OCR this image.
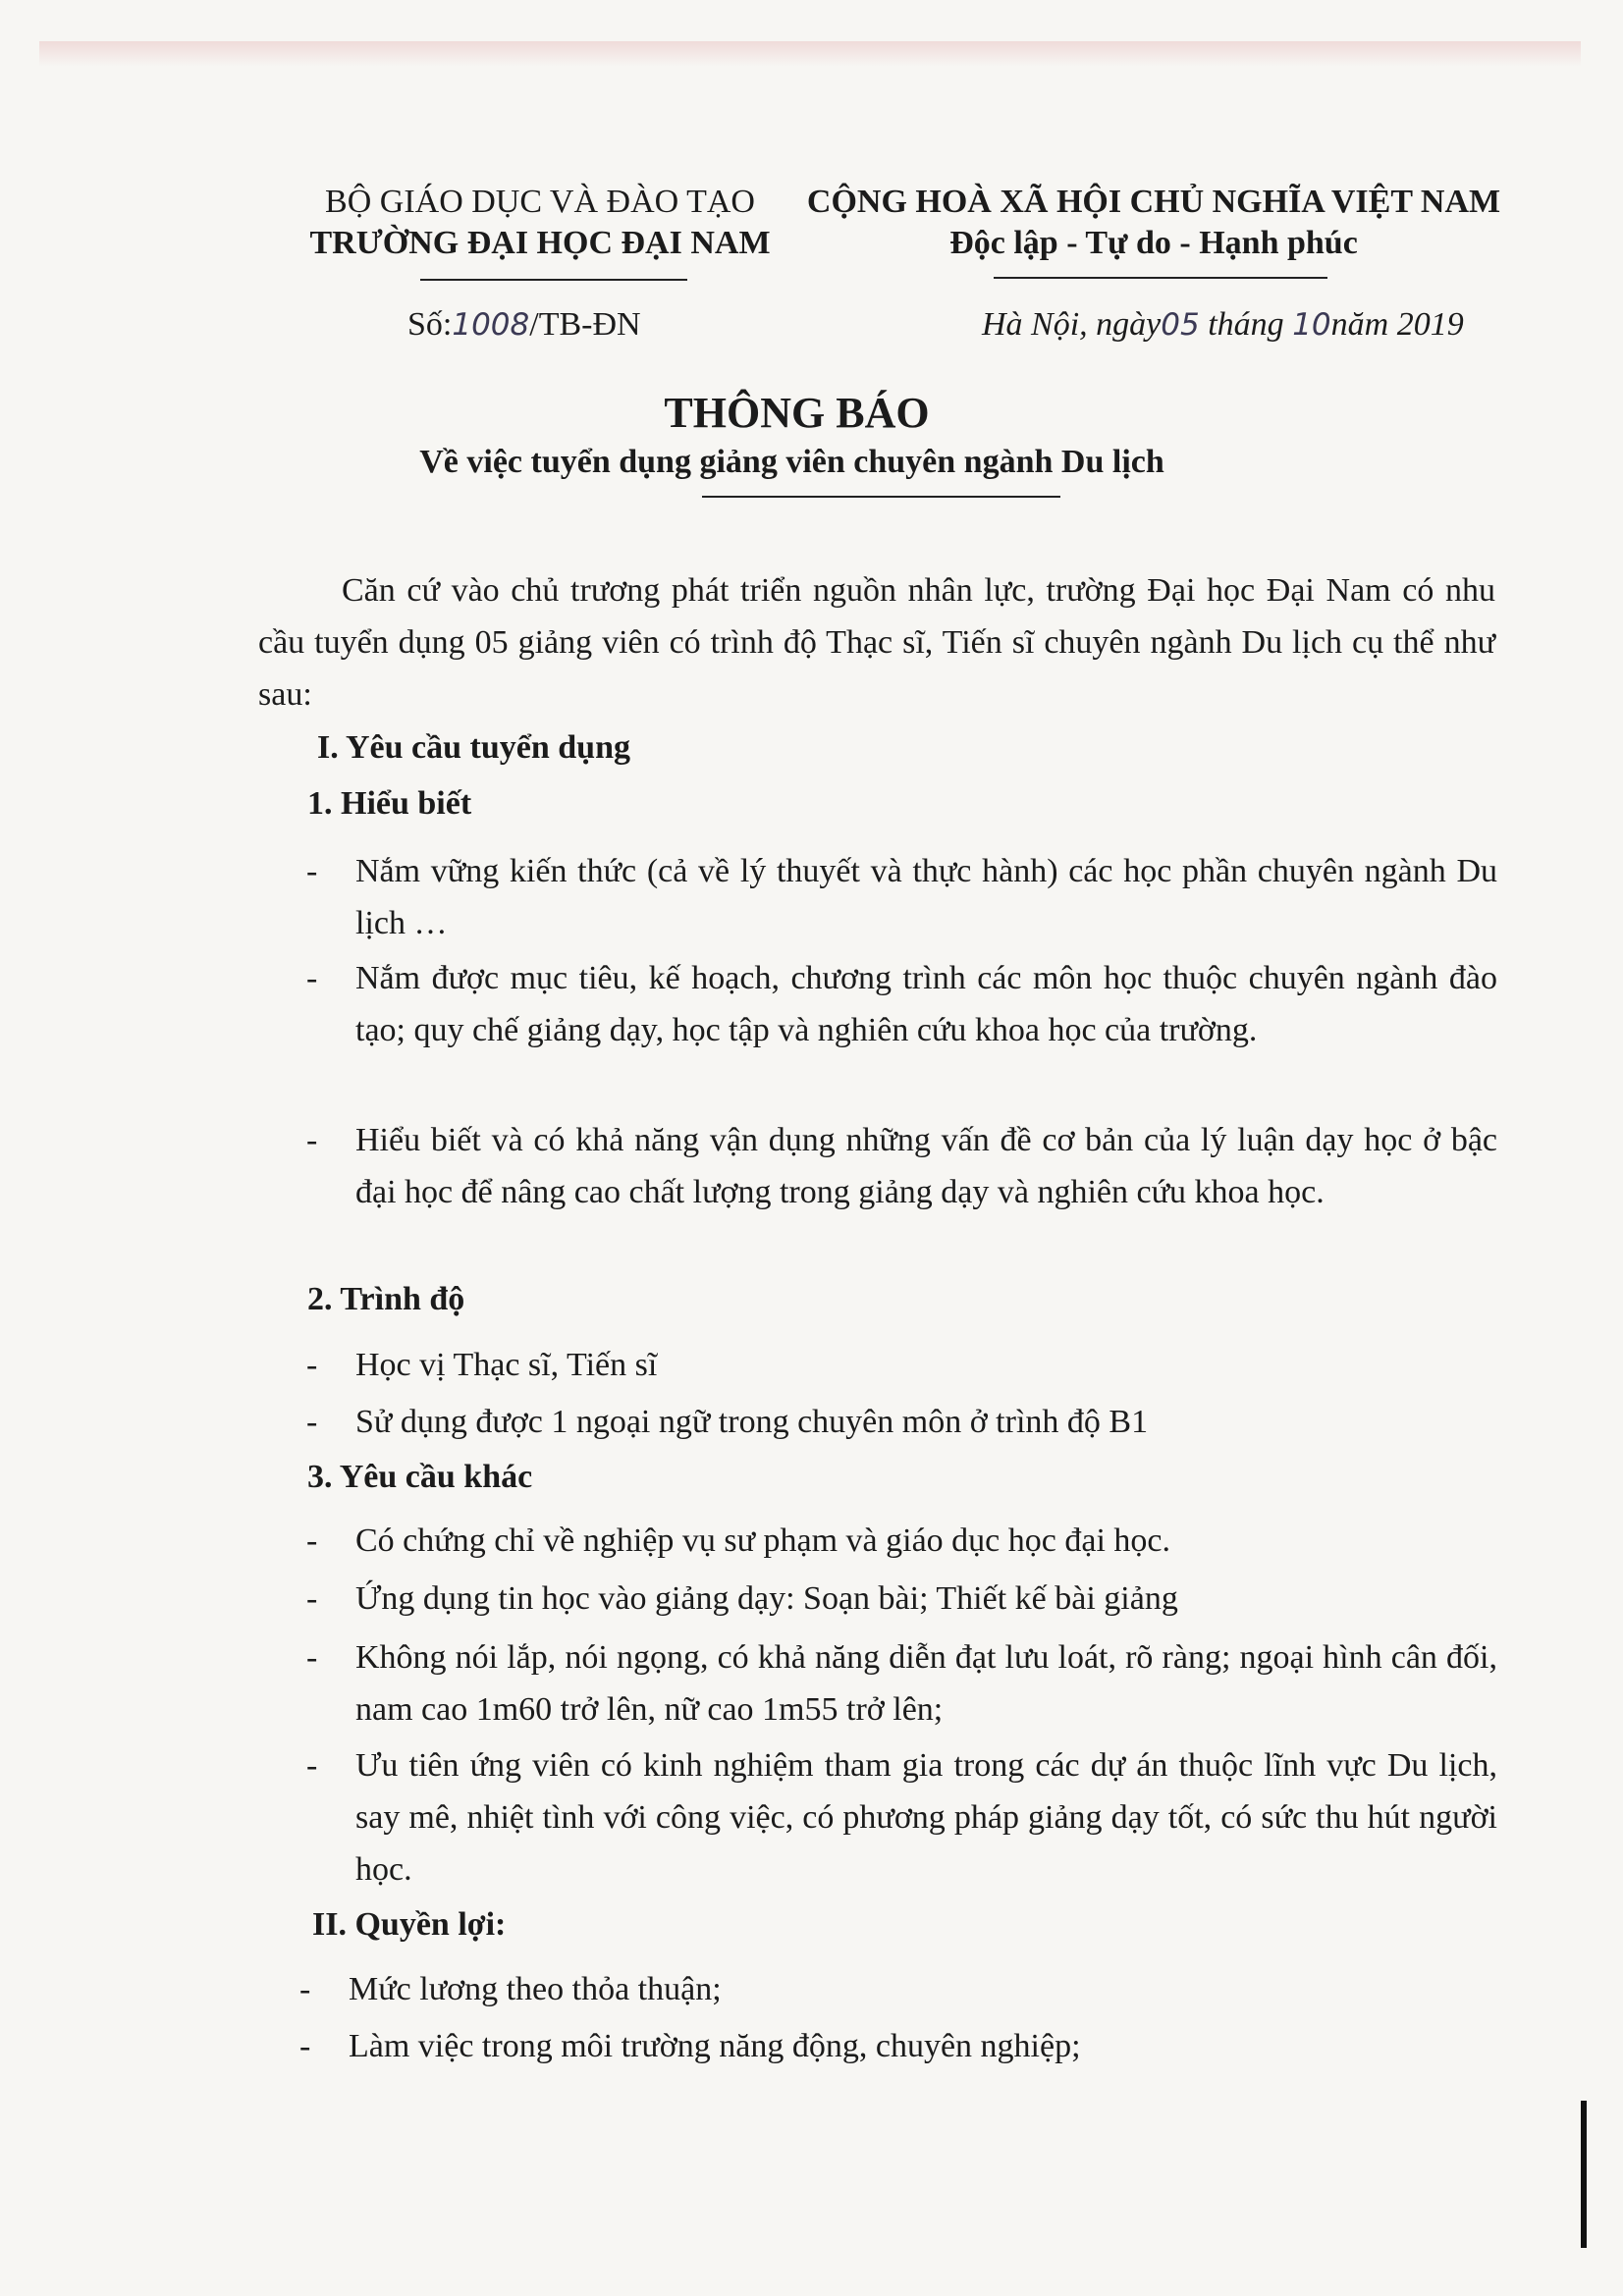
BỘ GIÁO DỤC VÀ ĐÀO TẠO
TRƯỜNG ĐẠI HỌC ĐẠI NAM
CỘNG HOÀ XÃ HỘI CHỦ NGHĨA VIỆT NAM
Độc lập - Tự do - Hạnh phúc
Số:1008/TB-ĐN	Hà Nội, ngày05 tháng 10năm 2019
THÔNG BÁO
Về việc tuyển dụng giảng viên chuyên ngành Du lịch
Căn cứ vào chủ trương phát triển nguồn nhân lực, trường Đại học Đại Nam có nhu cầu tuyển dụng 05 giảng viên có trình độ Thạc sĩ, Tiến sĩ chuyên ngành Du lịch cụ thể như sau:
I. Yêu cầu tuyển dụng
1. Hiểu biết
- Nắm vững kiến thức (cả về lý thuyết và thực hành) các học phần chuyên ngành Du lịch …
- Nắm được mục tiêu, kế hoạch, chương trình các môn học thuộc chuyên ngành đào tạo; quy chế giảng dạy, học tập và nghiên cứu khoa học của trường.
- Hiểu biết và có khả năng vận dụng những vấn đề cơ bản của lý luận dạy học ở bậc đại học để nâng cao chất lượng trong giảng dạy và nghiên cứu khoa học.
2. Trình độ
- Học vị Thạc sĩ, Tiến sĩ
- Sử dụng được 1 ngoại ngữ trong chuyên môn ở trình độ B1
3. Yêu cầu khác
- Có chứng chỉ về nghiệp vụ sư phạm và giáo dục học đại học.
- Ứng dụng tin học vào giảng dạy: Soạn bài; Thiết kế bài giảng
- Không nói lắp, nói ngọng, có khả năng diễn đạt lưu loát, rõ ràng; ngoại hình cân đối, nam cao 1m60 trở lên, nữ cao 1m55 trở lên;
- Ưu tiên ứng viên có kinh nghiệm tham gia trong các dự án thuộc lĩnh vực Du lịch, say mê, nhiệt tình với công việc, có phương pháp giảng dạy tốt, có sức thu hút người học.
II. Quyền lợi:
- Mức lương theo thỏa thuận;
- Làm việc trong môi trường năng động, chuyên nghiệp;
